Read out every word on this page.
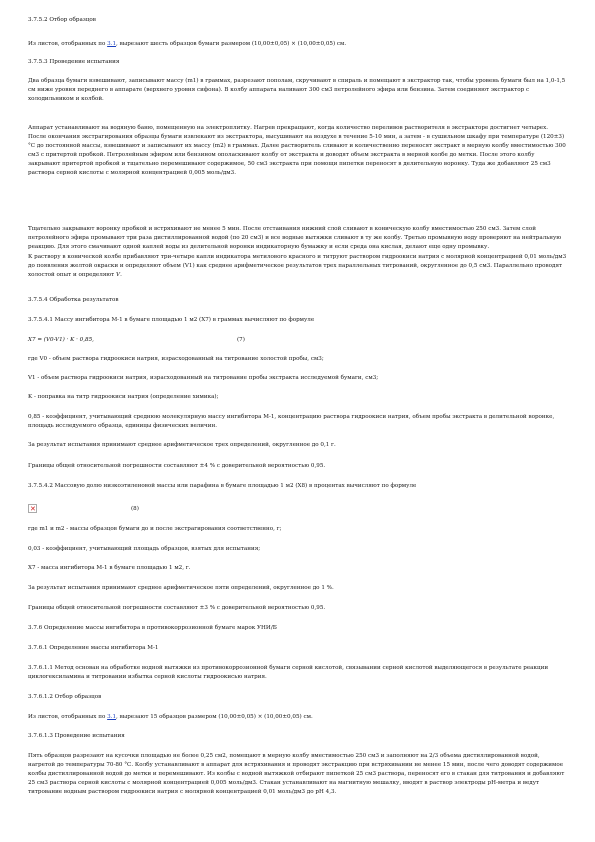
3.7.5.2 Отбор образцов

Из листов, отобранных по 3.1, вырезают шесть образцов бумаги размером (10,00±0,05) × (10,00±0,05) см.

3.7.5.3 Проведение испытания

Два образца бумаги взвешивают, записывают массу (m1) в граммах, разрезают пополам, скручивают в спираль и помещают в экстрактор так, чтобы уровень бумаги был на 1,0-1,5 см ниже уровня переднего в аппарате (верхнего уровня сифона). В колбу аппарата наливают 300 см3 петролейного эфира или бензина. Затем соединяют экстрактор с холодильником и колбой.

Аппарат устанавливают на водяную баню, помещенную на электроплитку. Нагрев прекращают, когда количество переливов растворителя в экстракторе достигнет четырех. После окончания экстрагирования образцы бумаги извлекают из экстрактора, высушивают на воздухе в течение 5-10 мин, а затем - в сушильном шкафу при температуре (120±3) °С до постоянной массы, взвешивают и записывают их массу (m2) в граммах. Далее растворитель сливают и количественно переносят экстракт в мерную колбу вместимостью 300 см3 с притертой пробкой. Петролейным эфиром или бензином ополаскивают колбу от экстракта и доводят объем экстракта в мерной колбе до метки. После этого колбу закрывают притертой пробкой и тщательно перемешивают содержимое, 50 см3 экстракта при помощи пипетки переносят в делительную воронку. Туда же добавляют 25 см3 раствора серной кислоты с молярной концентрацией 0,005 моль/дм3.

Тщательно закрывают воронку пробкой и встряхивают не менее 5 мин. После отстаивания нижний слой сливают в коническую колбу вместимостью 250 см3. Затем слой петролейного эфира промывают три раза дистиллированной водой (по 20 см3) и все водные вытяжки сливают в ту же колбу. Третью промывную воду проверяют на нейтральную реакцию. Для этого смачивают одной каплей воды из делительной воронки индикаторную бумажку и если среда она кислая, делают еще одну промывку.

К раствору в конической колбе прибавляют три-четыре капли индикатора метилового красного и титруют раствором гидроокиси натрия с молярной концентрацией 0,01 моль/дм3 до появления желтой окраски и определяют объем (V1) как среднее арифметическое результатов трех параллельных титрований, округленное до 0,5 см3. Параллельно проводят холостой опыт и определяют V.

3.7.5.4 Обработка результатов

3.7.5.4.1 Массу ингибитора М-1 в бумаге площадью 1 м2 (Х7) в граммах вычисляют по формуле

Х7 = (V0-V1) · K · 0,85,	(7)

где V0 - объем раствора гидроокиси натрия, израсходованный на титрование холостой пробы, см3;

V1 - объем раствора гидроокиси натрия, израсходованный на титрование пробы экстракта исследуемой бумаги, см3;

K - поправка на титр гидроокиси натрия (определение химика);

0,85 - коэффициент, учитывающий среднюю молекулярную массу ингибитора М-1, концентрацию раствора гидроокиси натрия, объем пробы экстракта в делительной воронке, площадь исследуемого образца, единицы физических величин.

За результат испытания принимают среднее арифметическое трех определений, округленное до 0,1 г.

Границы общей относительной погрешности составляют ±4 % с доверительной вероятностью 0,95.

3.7.5.4.2 Массовую долю низкоэтиленовой массы или парафина в бумаге площадью 1 м2 (Х8) в процентах вычисляют по формуле

✕
(8)

где m1 и m2 - массы образцов бумаги до и после экстрагирования соответственно, г;

0,03 - коэффициент, учитывающий площадь образцов, взятых для испытания;

Х7 - масса ингибитора М-1 в бумаге площадью 1 м2, г.

За результат испытания принимают среднее арифметическое пяти определений, округленное до 1 %.

Границы общей относительной погрешности составляют ±3 % с доверительной вероятностью 0,95.

3.7.6 Определение массы ингибитора в противокоррозионной бумаге марок УНИ/Б

3.7.6.1 Определение массы ингибитора М-1

3.7.6.1.1 Метод основан на обработке водной вытяжки из противокоррозионной бумаги серной кислотой, связывании серной кислотой выделяющегося в результате реакции циклогексиламина и титровании избытка серной кислоты гидроокисью натрия.

3.7.6.1.2 Отбор образцов

Из листов, отобранных по 3.1, вырезают 15 образцов размером (10,00±0,05) × (10,00±0,05) см.

3.7.6.1.3 Проведение испытания

Пять образцов разрезают на кусочки площадью не более 0,25 см2, помещают в мерную колбу вместимостью 250 см3 и заполняют на 2/3 объема дистиллированной водой, нагретой до температуры 70-80 °С. Колбу устанавливают в аппарат для встряхивания и проводят экстракцию при встряхивании не менее 15 мин, после чего доводят содержимое колбы дистиллированной водой до метки и перемешивают. Из колбы с водной вытяжкой отбирают пипеткой 25 см3 раствора, переносят его в стакан для титрования и добавляют 25 см3 раствора серной кислоты с молярной концентрацией 0,005 моль/дм3. Стакан устанавливают на магнитную мешалку, вводят в раствор электроды рН-метра и ведут титрование водным раствором гидроокиси натрия с молярной концентрацией 0,01 моль/дм3 до рН 4,3.
